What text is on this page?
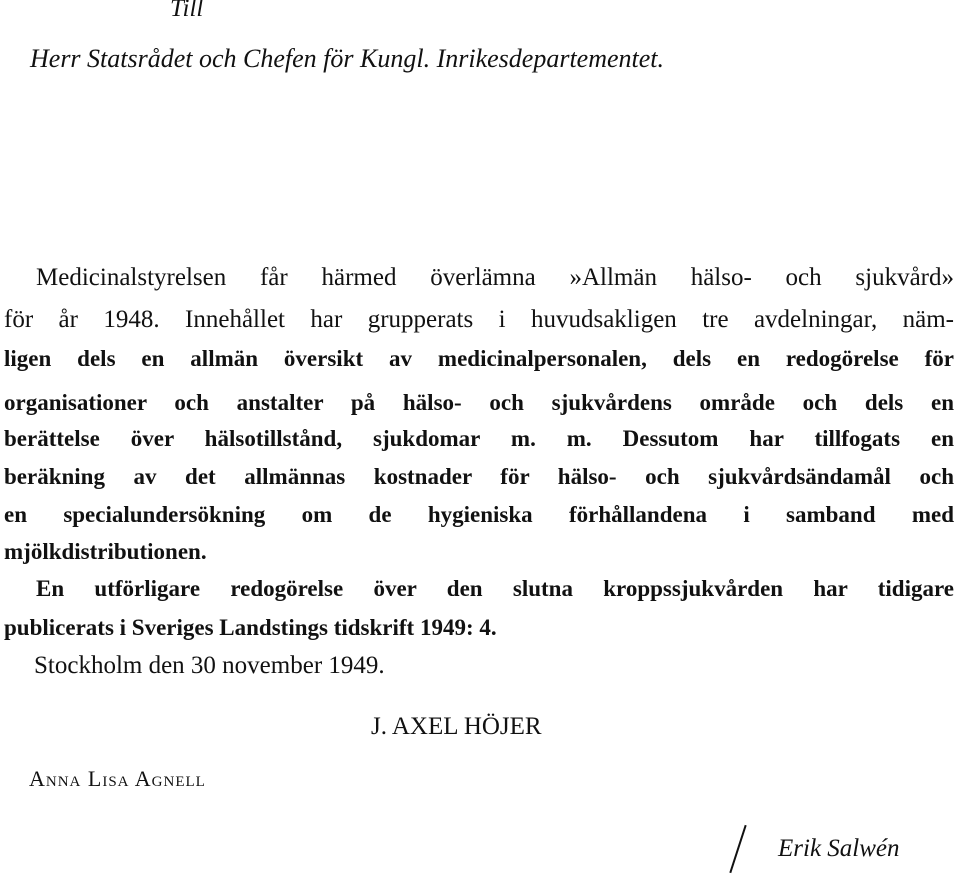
Till
Herr Statsrådet och Chefen för Kungl. Inrikesdepartementet.
Medicinalstyrelsen får härmed överlämna »Allmän hälso- och sjukvård»
för år 1948. Innehållet har grupperats i huvudsakligen tre avdelningar, näm-
ligen dels en allmän översikt av medicinalpersonalen, dels en redogörelse för
organisationer och anstalter på hälso- och sjukvårdens område och dels en
berättelse över hälsotillstånd, sjukdomar m. m. Dessutom har tillfogats en
beräkning av det allmännas kostnader för hälso- och sjukvårdsändamål och
en specialundersökning om de hygieniska förhållandena i samband med
mjölkdistributionen.
En utförligare redogörelse över den slutna kroppssjukvården har tidigare
publicerats i Sveriges Landstings tidskrift 1949: 4.
Stockholm den 30 november 1949.
J. AXEL HÖJER
Anna Lisa Agnell
Erik Salwén
